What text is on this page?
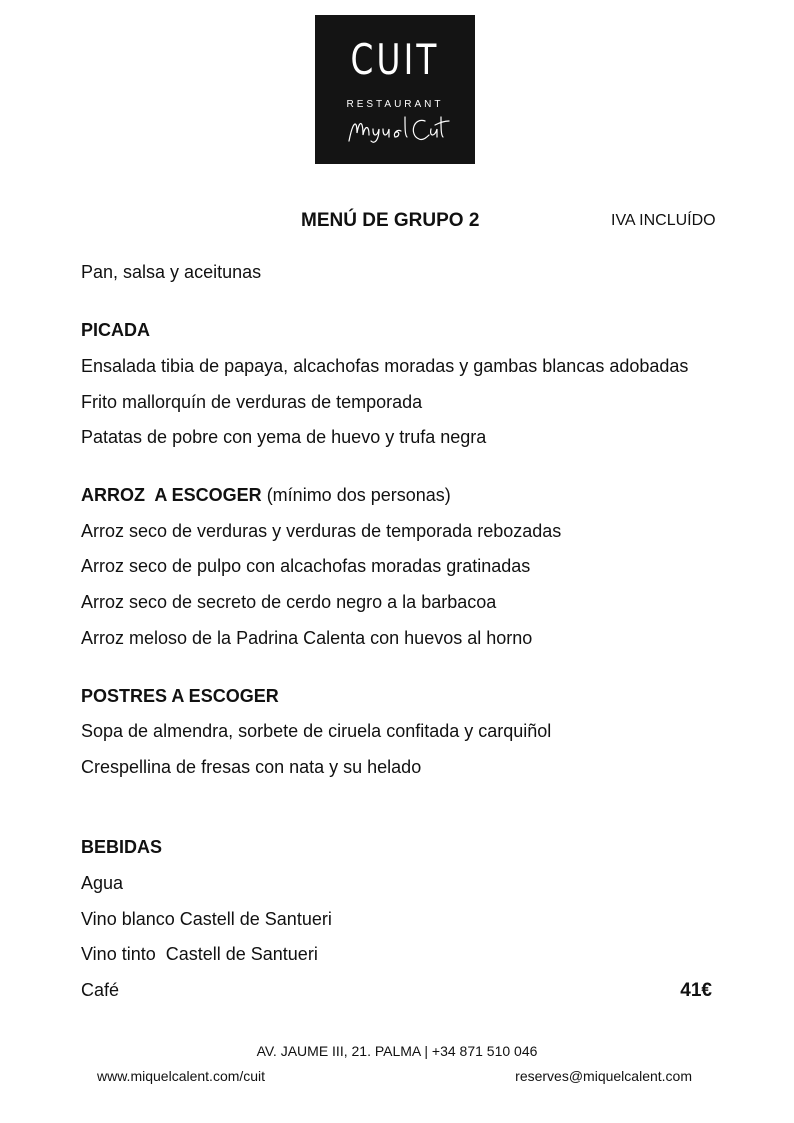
CUIT
RESTAURANT
MENÚ DE GRUPO 2	IVA INCLUÍDO
Pan, salsa y aceitunas
PICADA
Ensalada tibia de papaya, alcachofas moradas y gambas blancas adobadas
Frito mallorquín de verduras de temporada
Patatas de pobre con yema de huevo y trufa negra
ARROZ  A ESCOGER (mínimo dos personas)
Arroz seco de verduras y verduras de temporada rebozadas
Arroz seco de pulpo con alcachofas moradas gratinadas
Arroz seco de secreto de cerdo negro a la barbacoa
Arroz meloso de la Padrina Calenta con huevos al horno
POSTRES A ESCOGER
Sopa de almendra, sorbete de ciruela confitada y carquiñol
Crespellina de fresas con nata y su helado
BEBIDAS
Agua
Vino blanco Castell de Santueri
Vino tinto  Castell de Santueri
Café	41€
AV. JAUME III, 21. PALMA | +34 871 510 046
www.miquelcalent.com/cuit	reserves@miquelcalent.com
